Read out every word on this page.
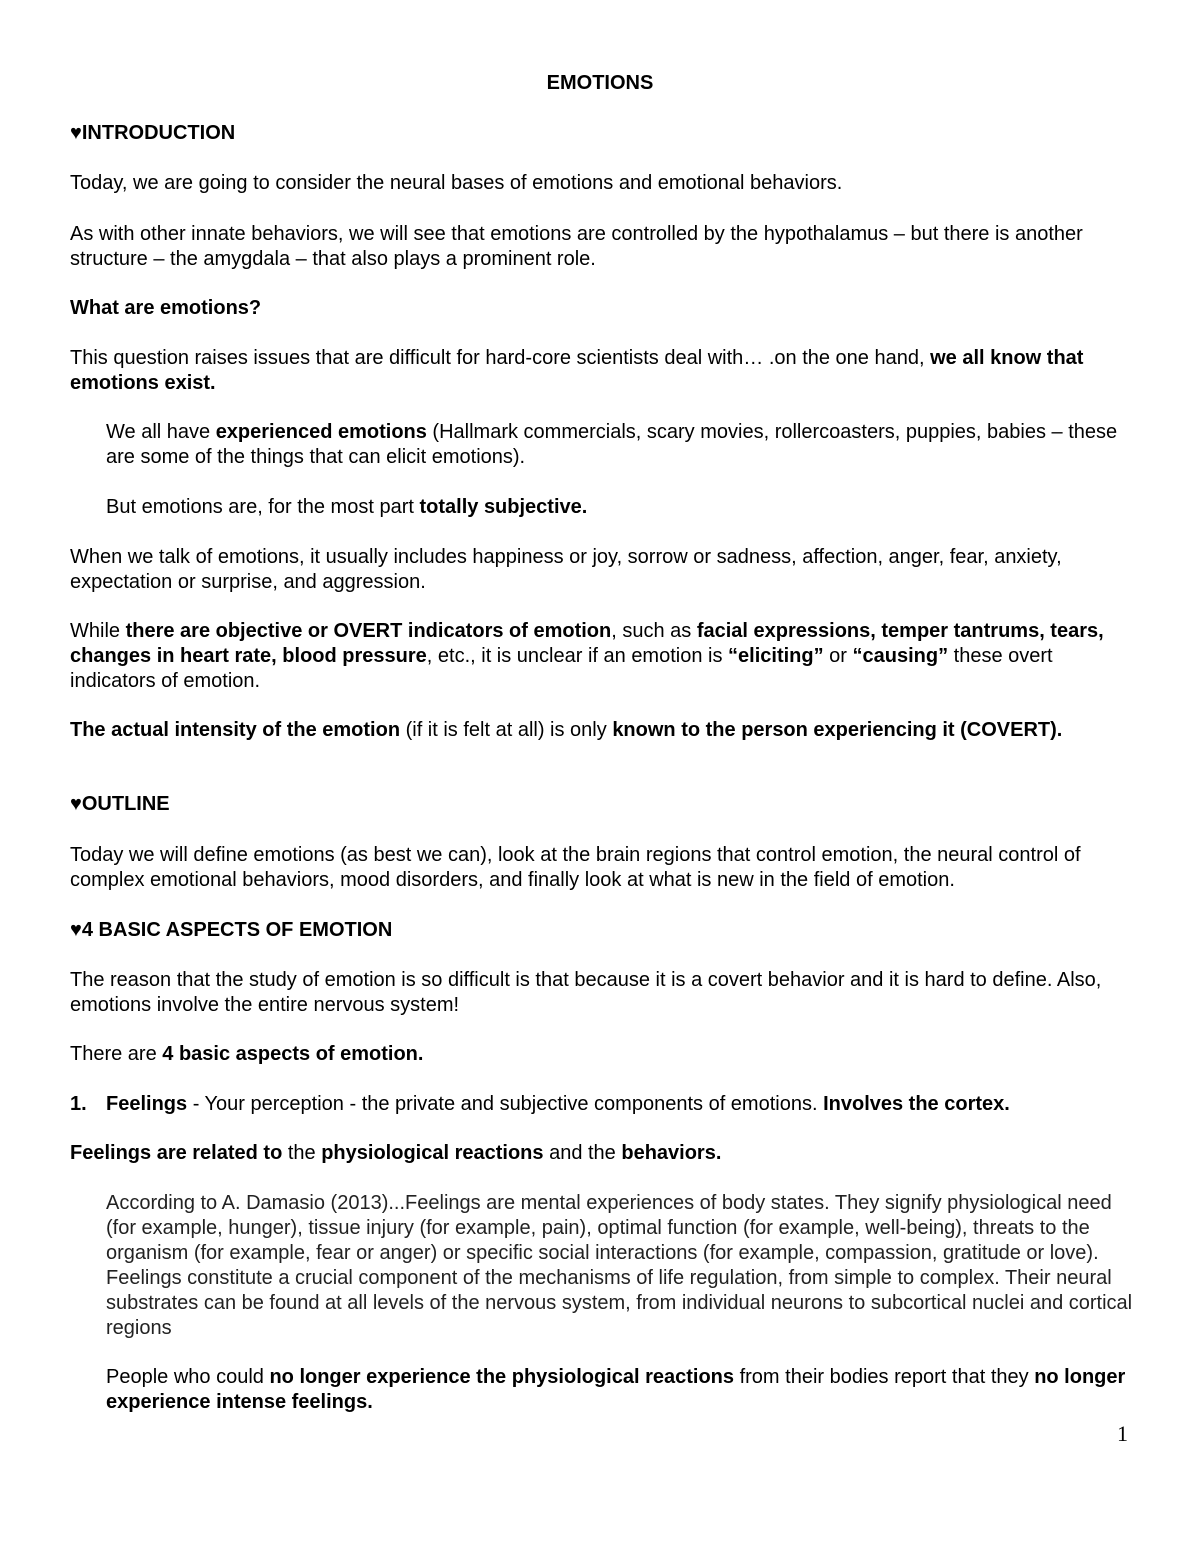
EMOTIONS

♥INTRODUCTION

Today, we are going to consider the neural bases of emotions and emotional behaviors.

As with other innate behaviors, we will see that emotions are controlled by the hypothalamus – but there is another structure – the amygdala – that also plays a prominent role.

What are emotions?

This question raises issues that are difficult for hard-core scientists deal with… .on the one hand, we all know that emotions exist.

We all have experienced emotions (Hallmark commercials, scary movies, rollercoasters, puppies, babies – these are some of the things that can elicit emotions).

But emotions are, for the most part totally subjective.

When we talk of emotions, it usually includes happiness or joy, sorrow or sadness, affection, anger, fear, anxiety, expectation or surprise, and aggression.

While there are objective or OVERT indicators of emotion, such as facial expressions, temper tantrums, tears, changes in heart rate, blood pressure, etc., it is unclear if an emotion is “eliciting” or “causing” these overt indicators of emotion.

The actual intensity of the emotion (if it is felt at all) is only known to the person experiencing it (COVERT).

♥OUTLINE

Today we will define emotions (as best we can), look at the brain regions that control emotion, the neural control of complex emotional behaviors, mood disorders, and finally look at what is new in the field of emotion.

♥4 BASIC ASPECTS OF EMOTION

The reason that the study of emotion is so difficult is that because it is a covert behavior and it is hard to define. Also, emotions involve the entire nervous system!

There are 4 basic aspects of emotion.

1. Feelings - Your perception - the private and subjective components of emotions. Involves the cortex.

Feelings are related to the physiological reactions and the behaviors.

According to A. Damasio (2013)...Feelings are mental experiences of body states. They signify physiological need (for example, hunger), tissue injury (for example, pain), optimal function (for example, well-being), threats to the organism (for example, fear or anger) or specific social interactions (for example, compassion, gratitude or love). Feelings constitute a crucial component of the mechanisms of life regulation, from simple to complex. Their neural substrates can be found at all levels of the nervous system, from individual neurons to subcortical nuclei and cortical regions

People who could no longer experience the physiological reactions from their bodies report that they no longer experience intense feelings.

1
